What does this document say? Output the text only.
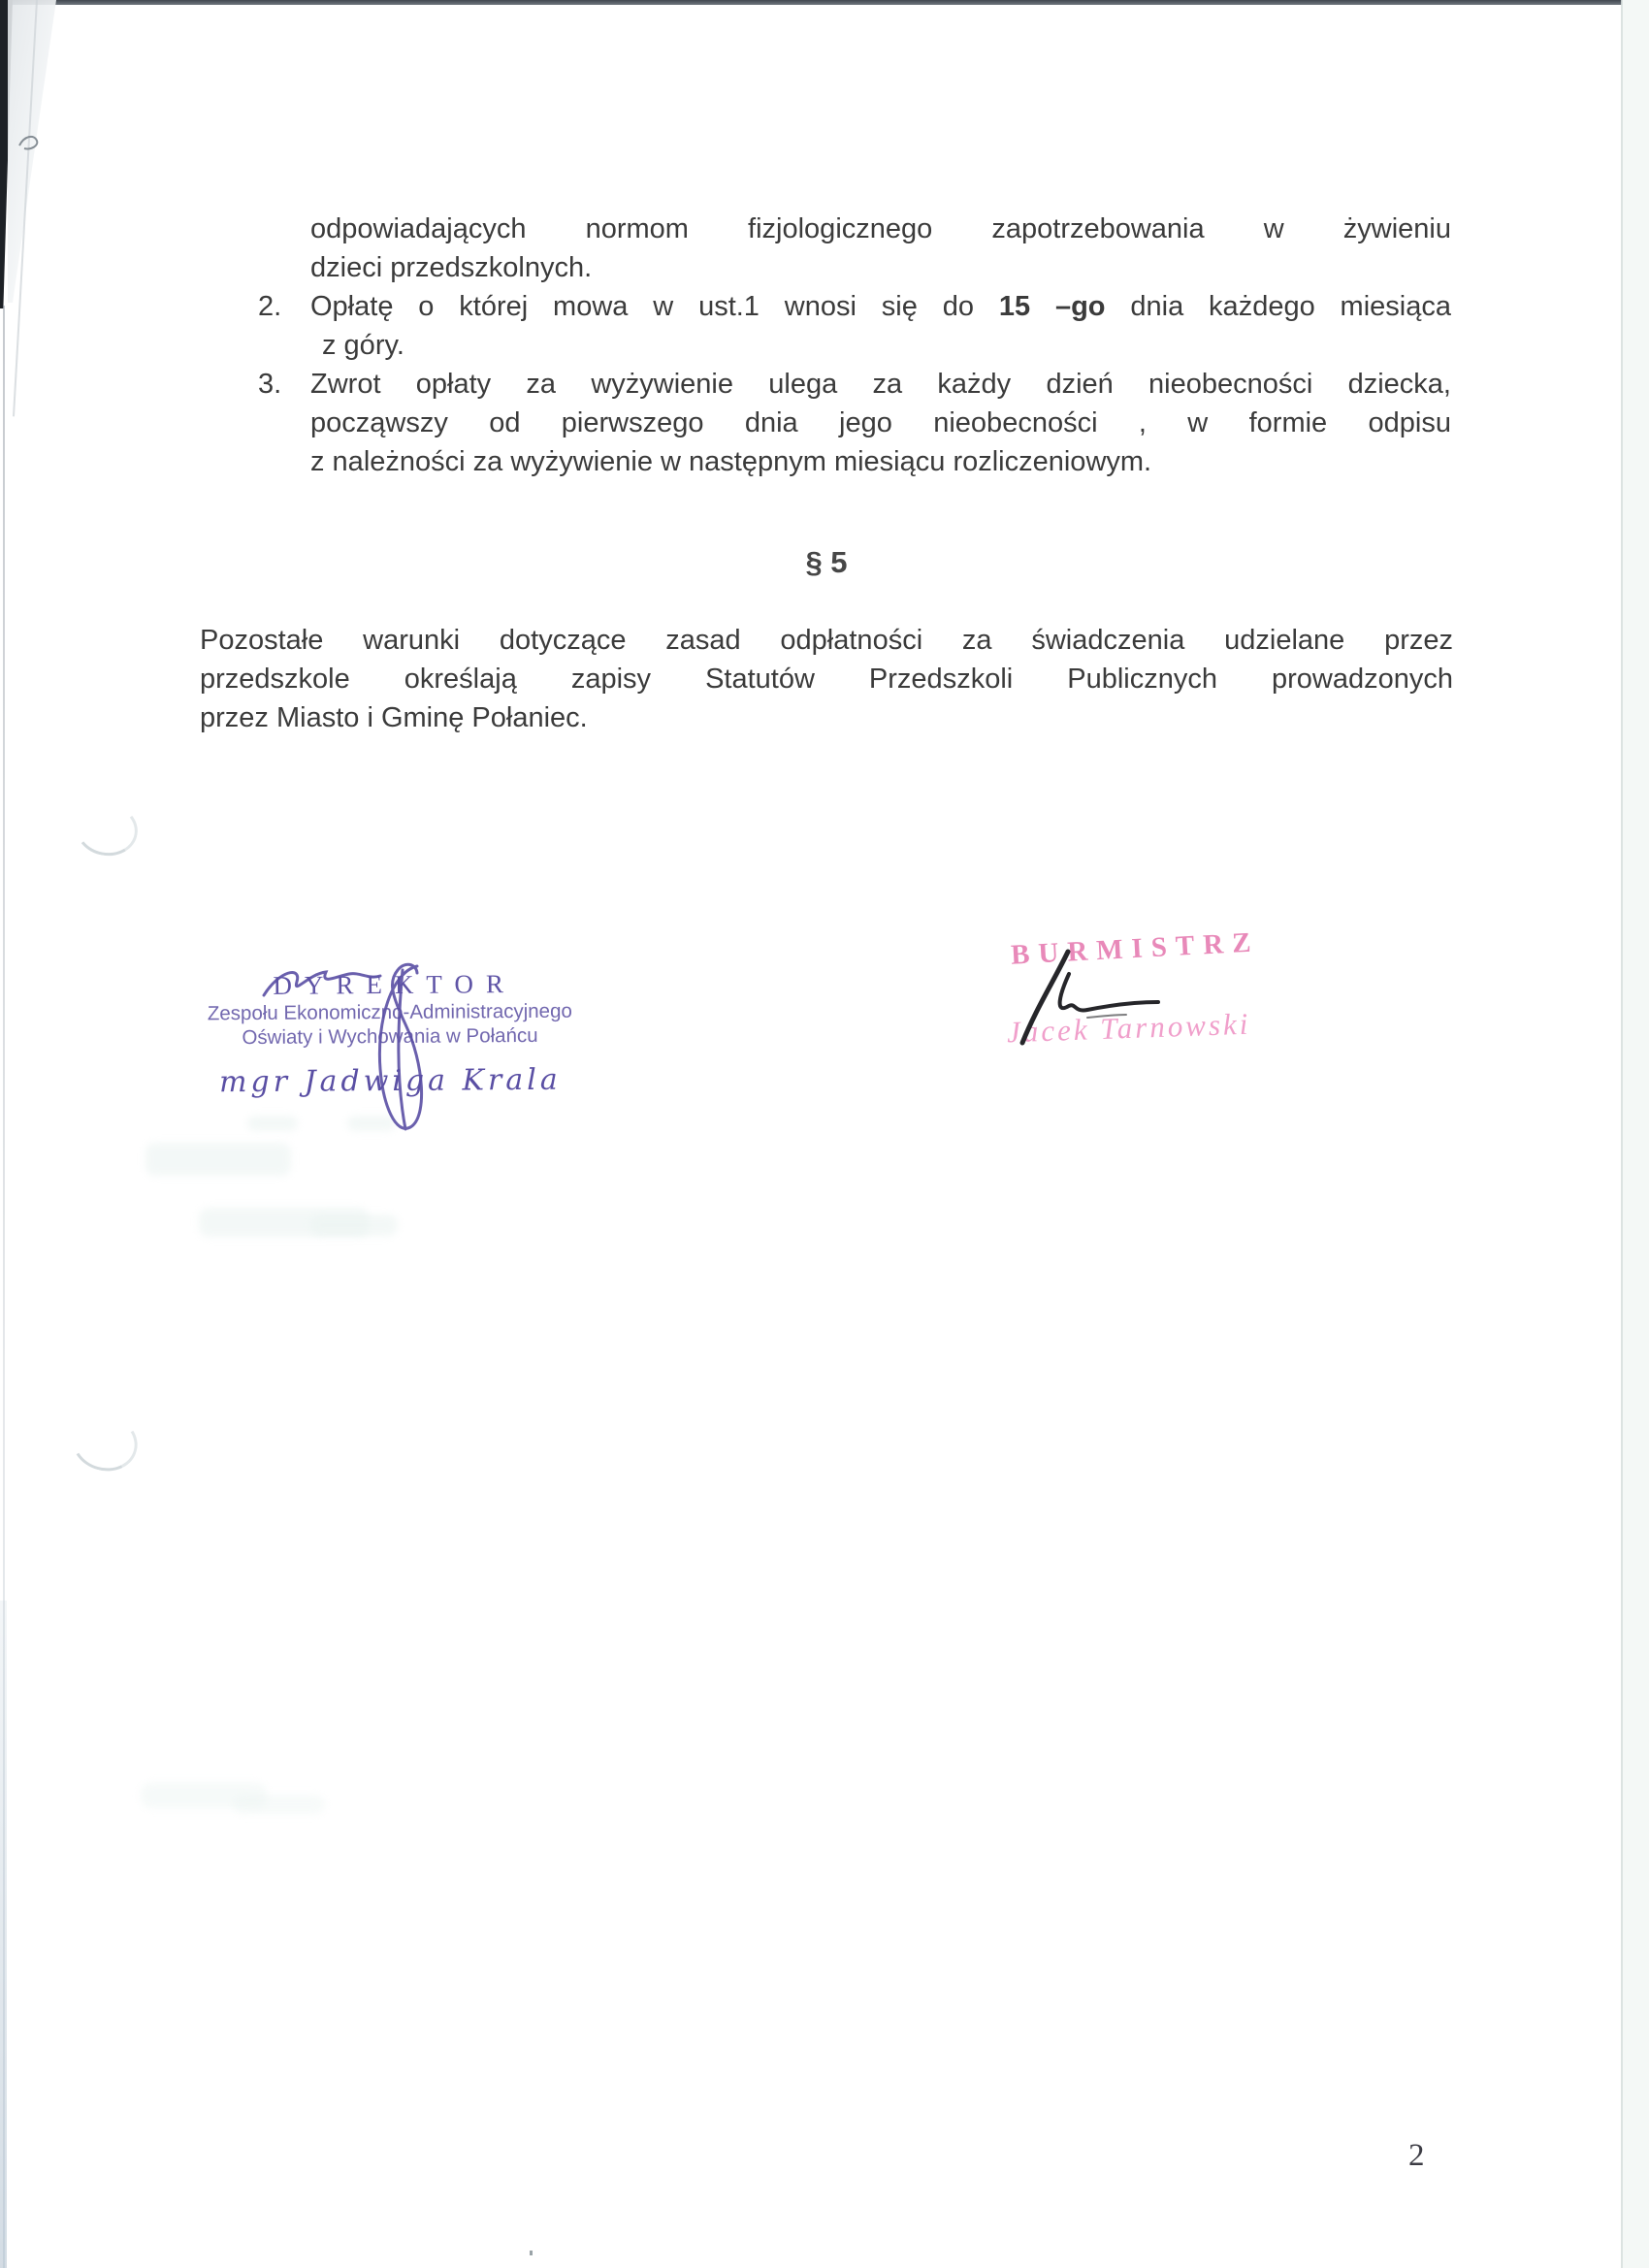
odpowiadających normom fizjologicznego zapotrzebowania w żywieniu
dzieci przedszkolnych.
2. Opłatę o której mowa w ust.1 wnosi się do 15 –go dnia każdego miesiąca
z góry.
3. Zwrot opłaty za wyżywienie ulega za każdy dzień nieobecności dziecka,
począwszy od pierwszego dnia jego nieobecności , w formie odpisu
z należności za wyżywienie w następnym miesiącu rozliczeniowym.
§ 5
Pozostałe warunki dotyczące zasad odpłatności za świadczenia udzielane przez
przedszkole określają zapisy Statutów Przedszkoli Publicznych prowadzonych
przez Miasto i Gminę Połaniec.
DYREKTOR
Zespołu Ekonomiczno-Administracyjnego
Oświaty i Wychowania w Połańcu
mgr Jadwiga Krala
BURMISTRZ
Jacek Tarnowski
2
